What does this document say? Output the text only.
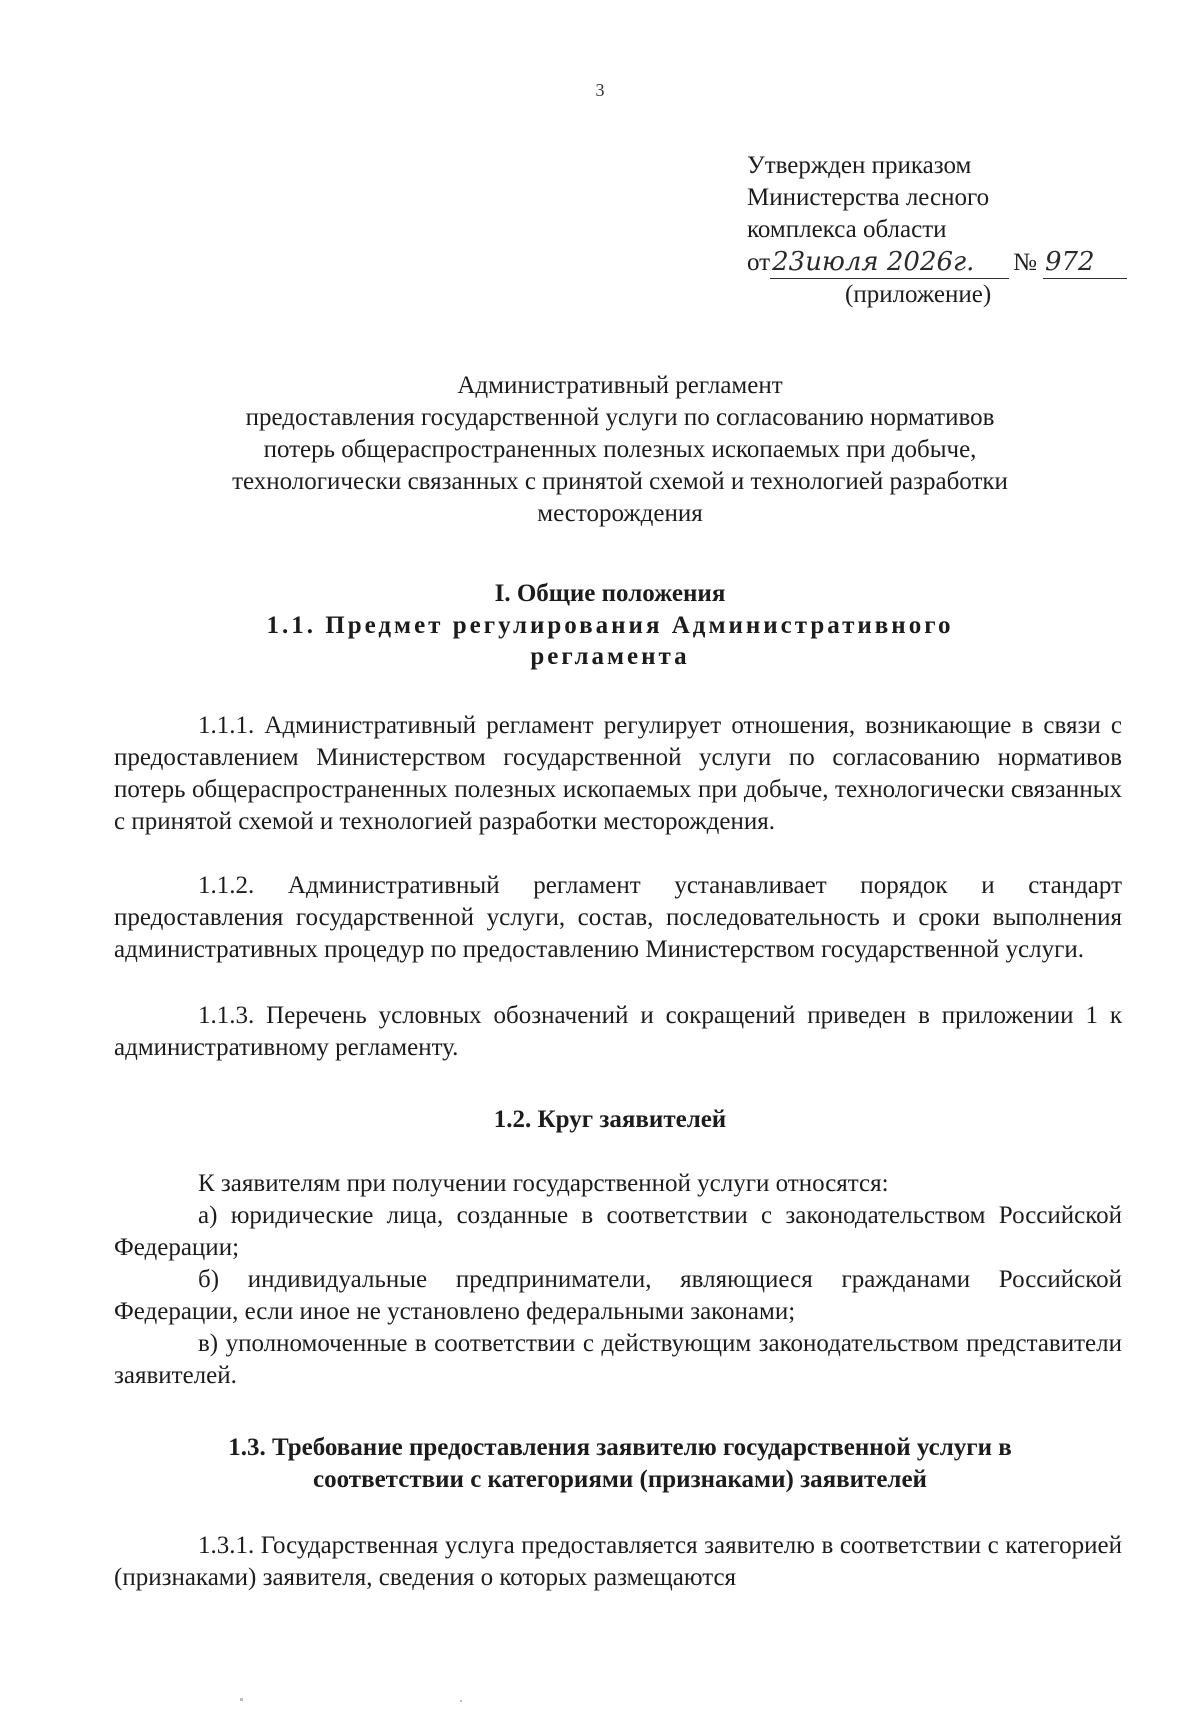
3
Утвержден приказом
Министерства лесного
комплекса области
от 23июля 2026г.	№ 972
(приложение)
Административный регламент
предоставления государственной услуги по согласованию нормативов
потерь общераспространенных полезных ископаемых при добыче,
технологически связанных с принятой схемой и технологией разработки
месторождения
I. Общие положения
1.1. Предмет регулирования Административного
регламента
1.1.1. Административный регламент регулирует отношения, возникающие в связи с предоставлением Министерством государственной услуги по согласованию нормативов потерь общераспространенных полезных ископаемых при добыче, технологически связанных с принятой схемой и технологией разработки месторождения.
1.1.2. Административный регламент устанавливает порядок и стандарт предоставления государственной услуги, состав, последовательность и сроки выполнения административных процедур по предоставлению Министерством государственной услуги.
1.1.3. Перечень условных обозначений и сокращений приведен в приложении 1 к административному регламенту.
1.2. Круг заявителей
К заявителям при получении государственной услуги относятся:
а) юридические лица, созданные в соответствии с законодательством Российской Федерации;
б) индивидуальные предприниматели, являющиеся гражданами Российской Федерации, если иное не установлено федеральными законами;
в) уполномоченные в соответствии с действующим законодательством представители заявителей.
1.3. Требование предоставления заявителю государственной услуги в
соответствии с категориями (признаками) заявителей
1.3.1. Государственная услуга предоставляется заявителю в соответствии с категорией (признаками) заявителя, сведения о которых размещаются
